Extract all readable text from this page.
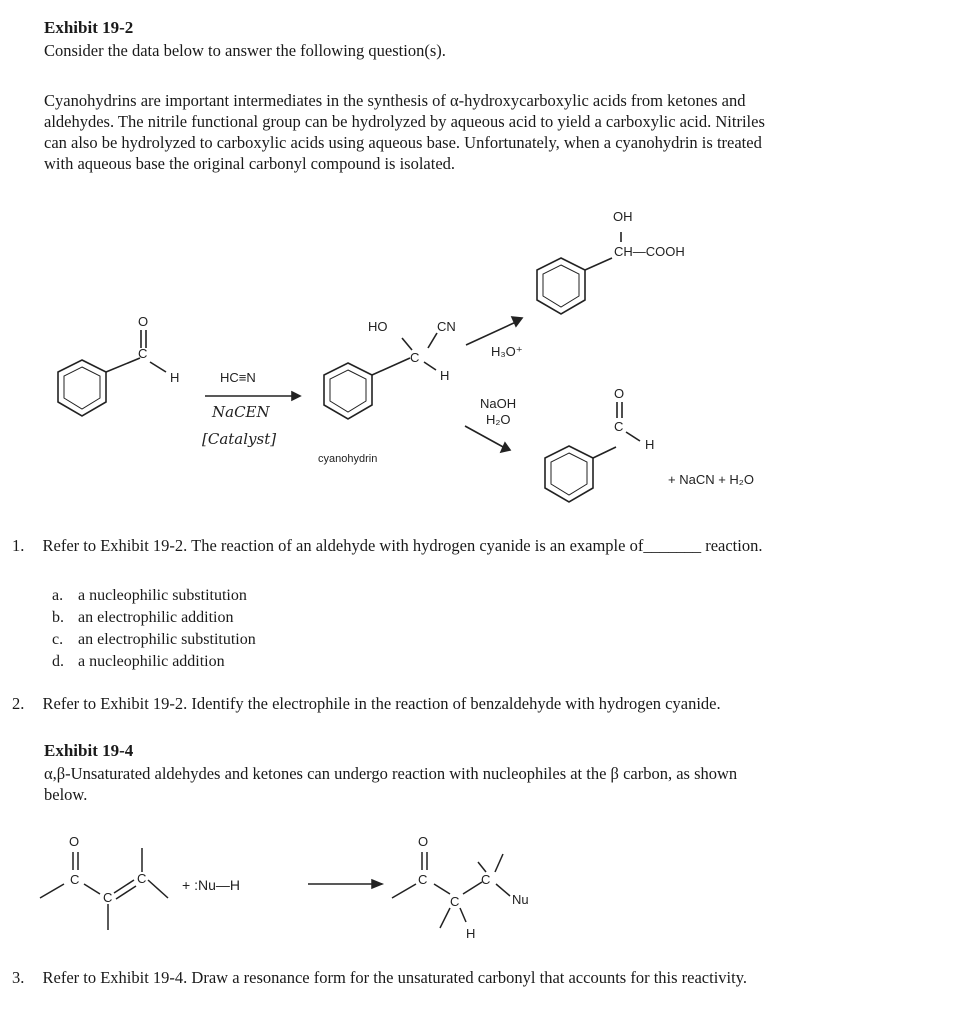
Exhibit 19-2
Consider the data below to answer the following question(s).
Cyanohydrins are important intermediates in the synthesis of α-hydroxycarboxylic acids from ketones and
aldehydes. The nitrile functional group can be hydrolyzed by aqueous acid to yield a carboxylic acid. Nitriles
can also be hydrolyzed to carboxylic acids using aqueous base. Unfortunately, when a cyanohydrin is treated
with aqueous base the original carbonyl compound is isolated.
O
C
H	HC≡N
NaCEN
[Catalyst]
HO	CN
C
H
cyanohydrin
H₃O⁺
OH
CH—COOH
NaOH
H₂O
O
C
H
+ NaCN + H₂O
1. Refer to Exhibit 19-2. The reaction of an aldehyde with hydrogen cyanide is an example of_______ reaction.
a. a nucleophilic substitution
b. an electrophilic addition
c. an electrophilic substitution
d. a nucleophilic addition
2. Refer to Exhibit 19-2. Identify the electrophile in the reaction of benzaldehyde with hydrogen cyanide.
Exhibit 19-4
α,β-Unsaturated aldehydes and ketones can undergo reaction with nucleophiles at the β carbon, as shown
below.
O
C
C
C	+ :Nu—H
O
C
C
C
H
Nu
3. Refer to Exhibit 19-4. Draw a resonance form for the unsaturated carbonyl that accounts for this reactivity.
